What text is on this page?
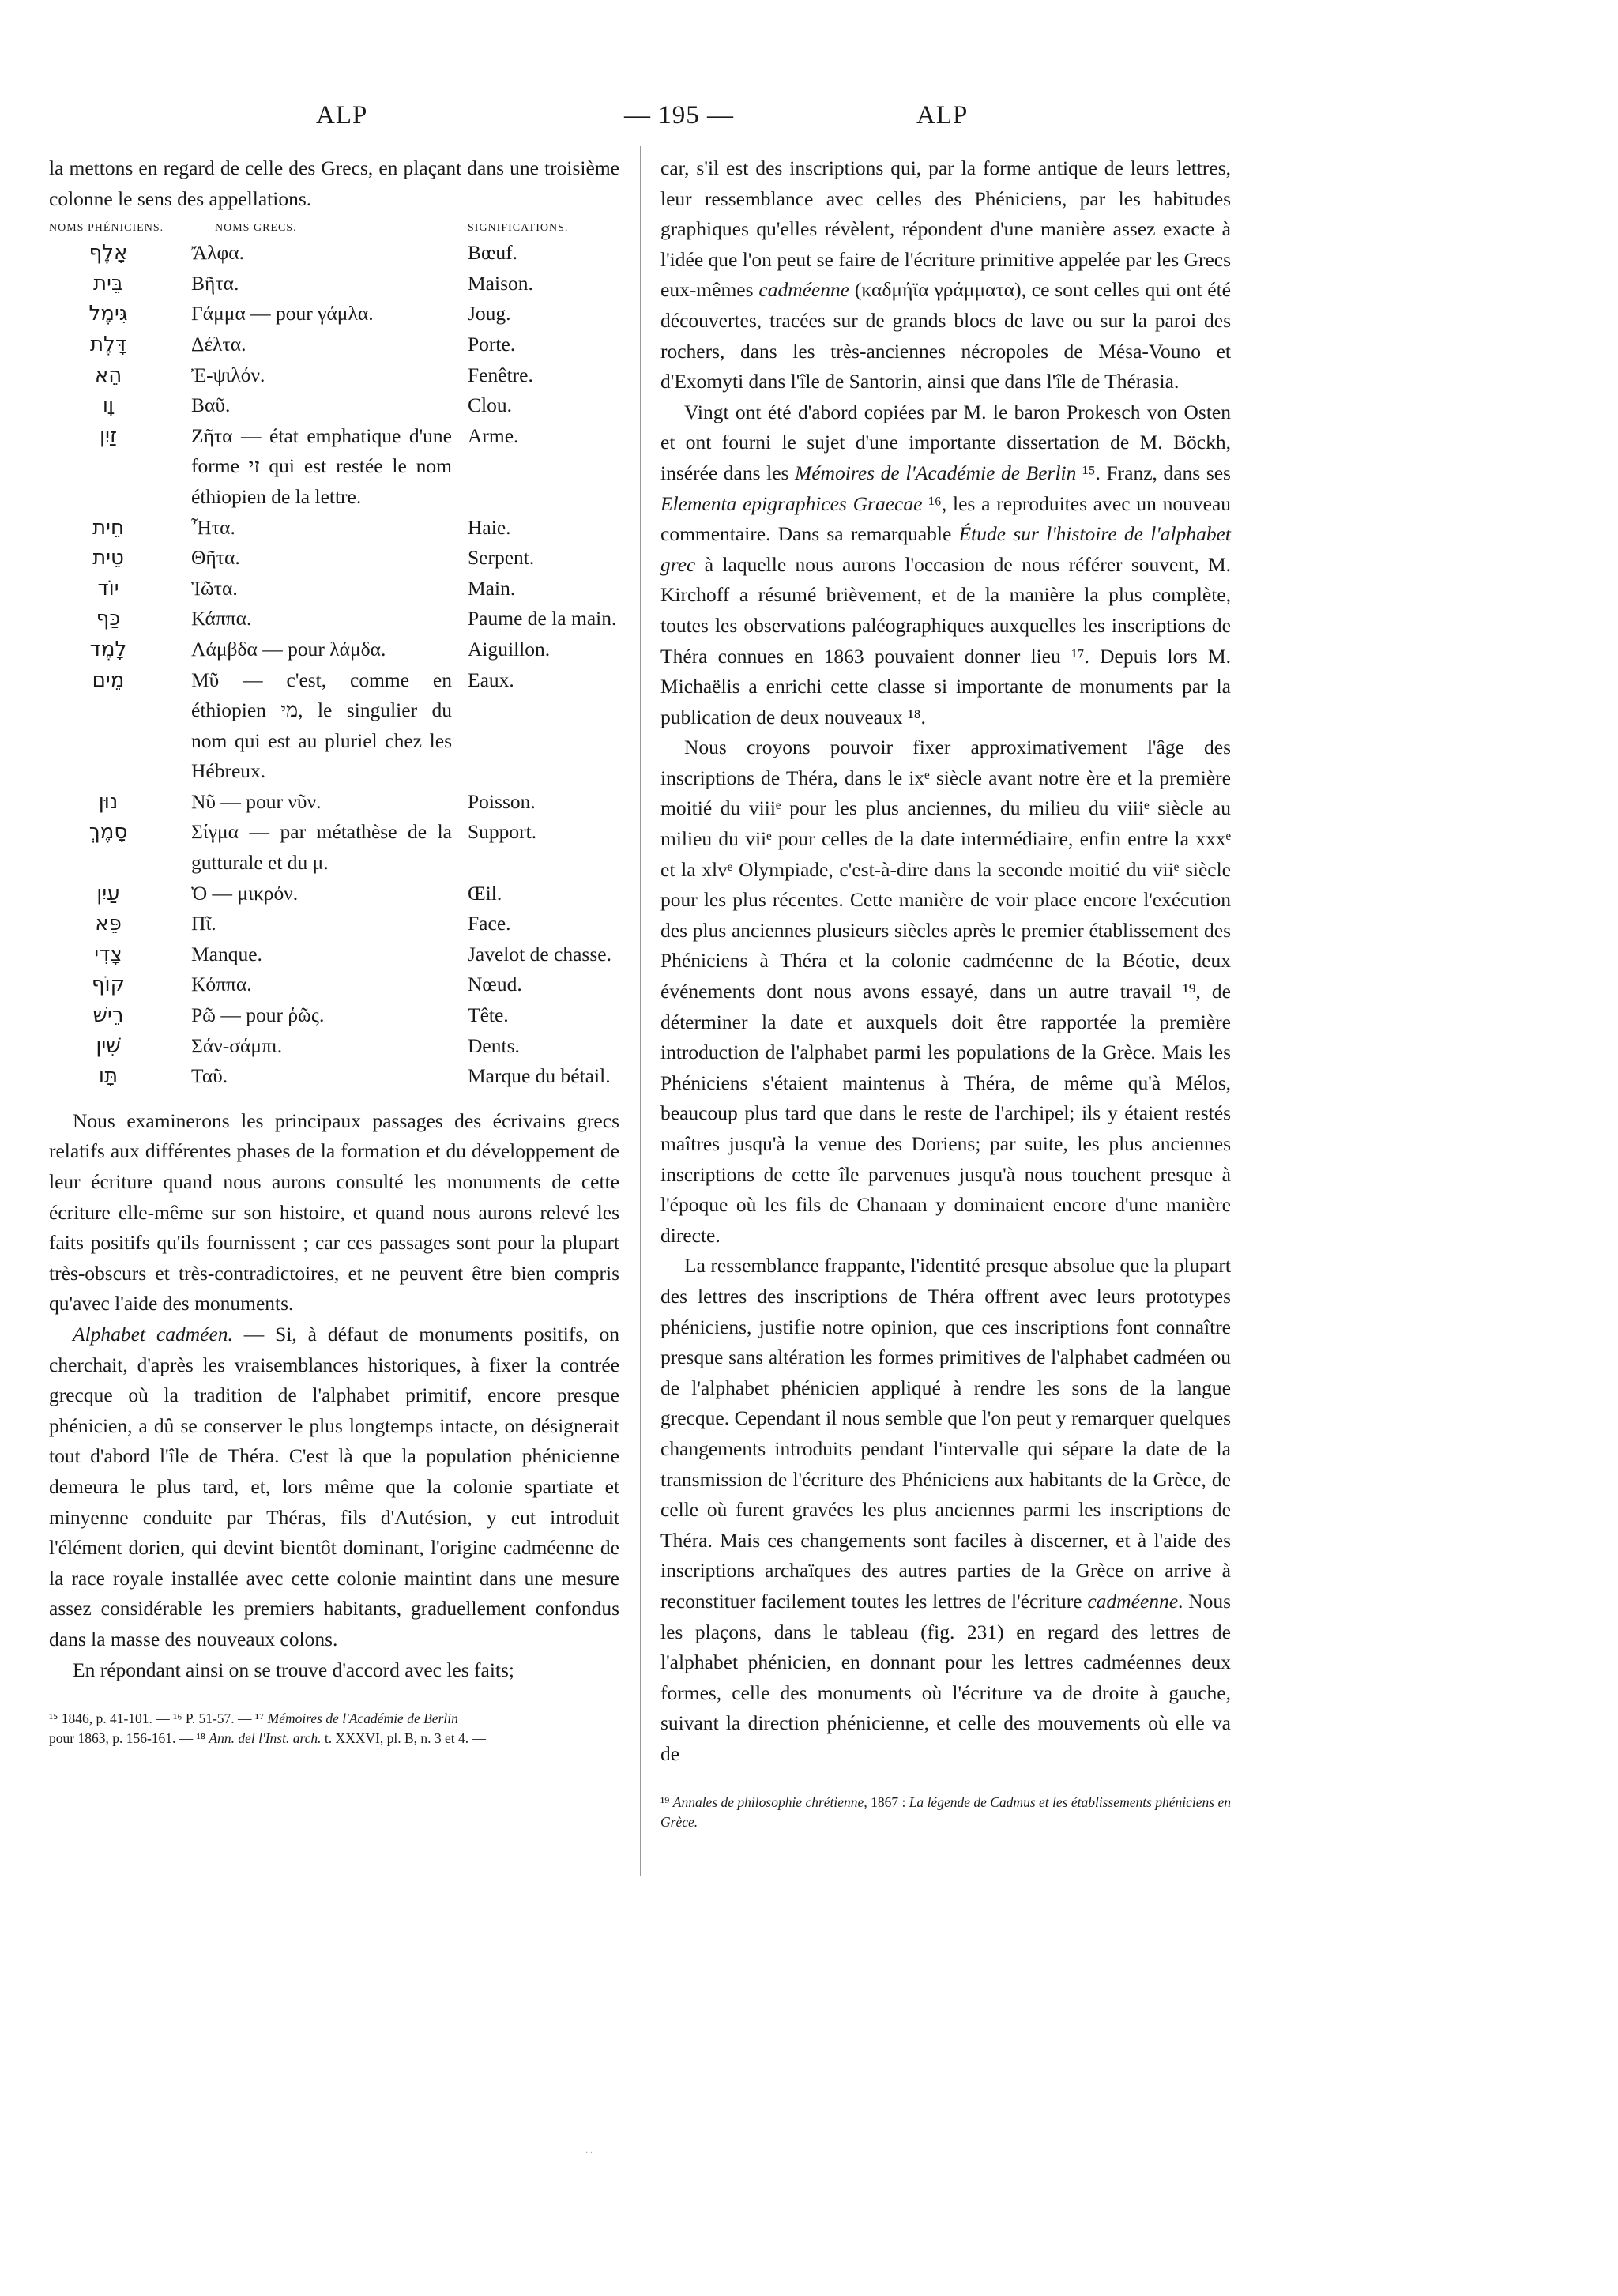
ALP	— 195 —	ALP

la mettons en regard de celle des Grecs, en plaçant dans une troisième colonne le sens des appellations.

NOMS PHÉNICIENS.	NOMS GRECS.	SIGNIFICATIONS.
אָלֶף	Ἄλφα.	Bœuf.
בֵּית	Βῆτα.	Maison.
גִּימֶל	Γάμμα — pour γάμλα.	Joug.
דָּלֶת	Δέλτα.	Porte.
הֵא	Ἐ-ψιλόν.	Fenêtre.
וָו	Βαῦ.	Clou.
זַיִן	Ζῆτα — état emphatique d'une forme זי qui est restée le nom éthiopien de la lettre.	Arme.
חֵית	Ἦτα.	Haie.
טֵית	Θῆτα.	Serpent.
יוֹד	Ἰῶτα.	Main.
כַּף	Κάππα.	Paume de la main.
לָמֶד	Λάμβδα — pour λάμδα.	Aiguillon.
מֵים	Μῦ — c'est, comme en éthiopien מי, le singulier du nom qui est au pluriel chez les Hébreux.	Eaux.
נוּן	Νῦ — pour νῦν.	Poisson.
סָמֶךְ	Σίγμα — par métathèse de la gutturale et du μ.	Support.
עַיִן	Ὀ — μικρόν.	Œil.
פֵּא	Πῖ.	Face.
צָדִי	Manque.	Javelot de chasse.
קוֹף	Κόππα.	Nœud.
רֵישׁ	Ρῶ — pour ῥῶς.	Tête.
שִׁין	Σάν-σάμπι.	Dents.
תָּו	Ταῦ.	Marque du bétail.

Nous examinerons les principaux passages des écrivains grecs relatifs aux différentes phases de la formation et du développement de leur écriture quand nous aurons consulté les monuments de cette écriture elle-même sur son histoire, et quand nous aurons relevé les faits positifs qu'ils fournissent ; car ces passages sont pour la plupart très-obscurs et très-contradictoires, et ne peuvent être bien compris qu'avec l'aide des monuments.

Alphabet cadméen. — Si, à défaut de monuments positifs, on cherchait, d'après les vraisemblances historiques, à fixer la contrée grecque où la tradition de l'alphabet primitif, encore presque phénicien, a dû se conserver le plus longtemps intacte, on désignerait tout d'abord l'île de Théra. C'est là que la population phénicienne demeura le plus tard, et, lors même que la colonie spartiate et minyenne conduite par Théras, fils d'Autésion, y eut introduit l'élément dorien, qui devint bientôt dominant, l'origine cadméenne de la race royale installée avec cette colonie maintint dans une mesure assez considérable les premiers habitants, graduellement confondus dans la masse des nouveaux colons.

En répondant ainsi on se trouve d'accord avec les faits;

¹⁵ 1846, p. 41-101. — ¹⁶ P. 51-57. — ¹⁷ Mémoires de l'Académie de Berlin

pour 1863, p. 156-161. — ¹⁸ Ann. del l'Inst. arch. t. XXXVI, pl. B, n. 3 et 4. —

car, s'il est des inscriptions qui, par la forme antique de leurs lettres, leur ressemblance avec celles des Phéniciens, par les habitudes graphiques qu'elles révèlent, répondent d'une manière assez exacte à l'idée que l'on peut se faire de l'écriture primitive appelée par les Grecs eux-mêmes cadméenne (καδμήϊα γράμματα), ce sont celles qui ont été découvertes, tracées sur de grands blocs de lave ou sur la paroi des rochers, dans les très-anciennes nécropoles de Mésa-Vouno et d'Exomyti dans l'île de Santorin, ainsi que dans l'île de Thérasia.

Vingt ont été d'abord copiées par M. le baron Prokesch von Osten et ont fourni le sujet d'une importante dissertation de M. Böckh, insérée dans les Mémoires de l'Académie de Berlin ¹⁵. Franz, dans ses Elementa epigraphices Graecae ¹⁶, les a reproduites avec un nouveau commentaire. Dans sa remarquable Étude sur l'histoire de l'alphabet grec à laquelle nous aurons l'occasion de nous référer souvent, M. Kirchoff a résumé brièvement, et de la manière la plus complète, toutes les observations paléographiques auxquelles les inscriptions de Théra connues en 1863 pouvaient donner lieu ¹⁷. Depuis lors M. Michaëlis a enrichi cette classe si importante de monuments par la publication de deux nouveaux ¹⁸.

Nous croyons pouvoir fixer approximativement l'âge des inscriptions de Théra, dans le ixᵉ siècle avant notre ère et la première moitié du viiiᵉ pour les plus anciennes, du milieu du viiiᵉ siècle au milieu du viiᵉ pour celles de la date intermédiaire, enfin entre la xxxᵉ et la xlvᵉ Olympiade, c'est-à-dire dans la seconde moitié du viiᵉ siècle pour les plus récentes. Cette manière de voir place encore l'exécution des plus anciennes plusieurs siècles après le premier établissement des Phéniciens à Théra et la colonie cadméenne de la Béotie, deux événements dont nous avons essayé, dans un autre travail ¹⁹, de déterminer la date et auxquels doit être rapportée la première introduction de l'alphabet parmi les populations de la Grèce. Mais les Phéniciens s'étaient maintenus à Théra, de même qu'à Mélos, beaucoup plus tard que dans le reste de l'archipel; ils y étaient restés maîtres jusqu'à la venue des Doriens; par suite, les plus anciennes inscriptions de cette île parvenues jusqu'à nous touchent presque à l'époque où les fils de Chanaan y dominaient encore d'une manière directe.

La ressemblance frappante, l'identité presque absolue que la plupart des lettres des inscriptions de Théra offrent avec leurs prototypes phéniciens, justifie notre opinion, que ces inscriptions font connaître presque sans altération les formes primitives de l'alphabet cadméen ou de l'alphabet phénicien appliqué à rendre les sons de la langue grecque. Cependant il nous semble que l'on peut y remarquer quelques changements introduits pendant l'intervalle qui sépare la date de la transmission de l'écriture des Phéniciens aux habitants de la Grèce, de celle où furent gravées les plus anciennes parmi les inscriptions de Théra. Mais ces changements sont faciles à discerner, et à l'aide des inscriptions archaïques des autres parties de la Grèce on arrive à reconstituer facilement toutes les lettres de l'écriture cadméenne. Nous les plaçons, dans le tableau (fig. 231) en regard des lettres de l'alphabet phénicien, en donnant pour les lettres cadméennes deux formes, celle des monuments où l'écriture va de droite à gauche, suivant la direction phénicienne, et celle des mouvements où elle va de

¹⁹ Annales de philosophie chrétienne, 1867 : La légende de Cadmus et les établissements phéniciens en Grèce.

· ·
